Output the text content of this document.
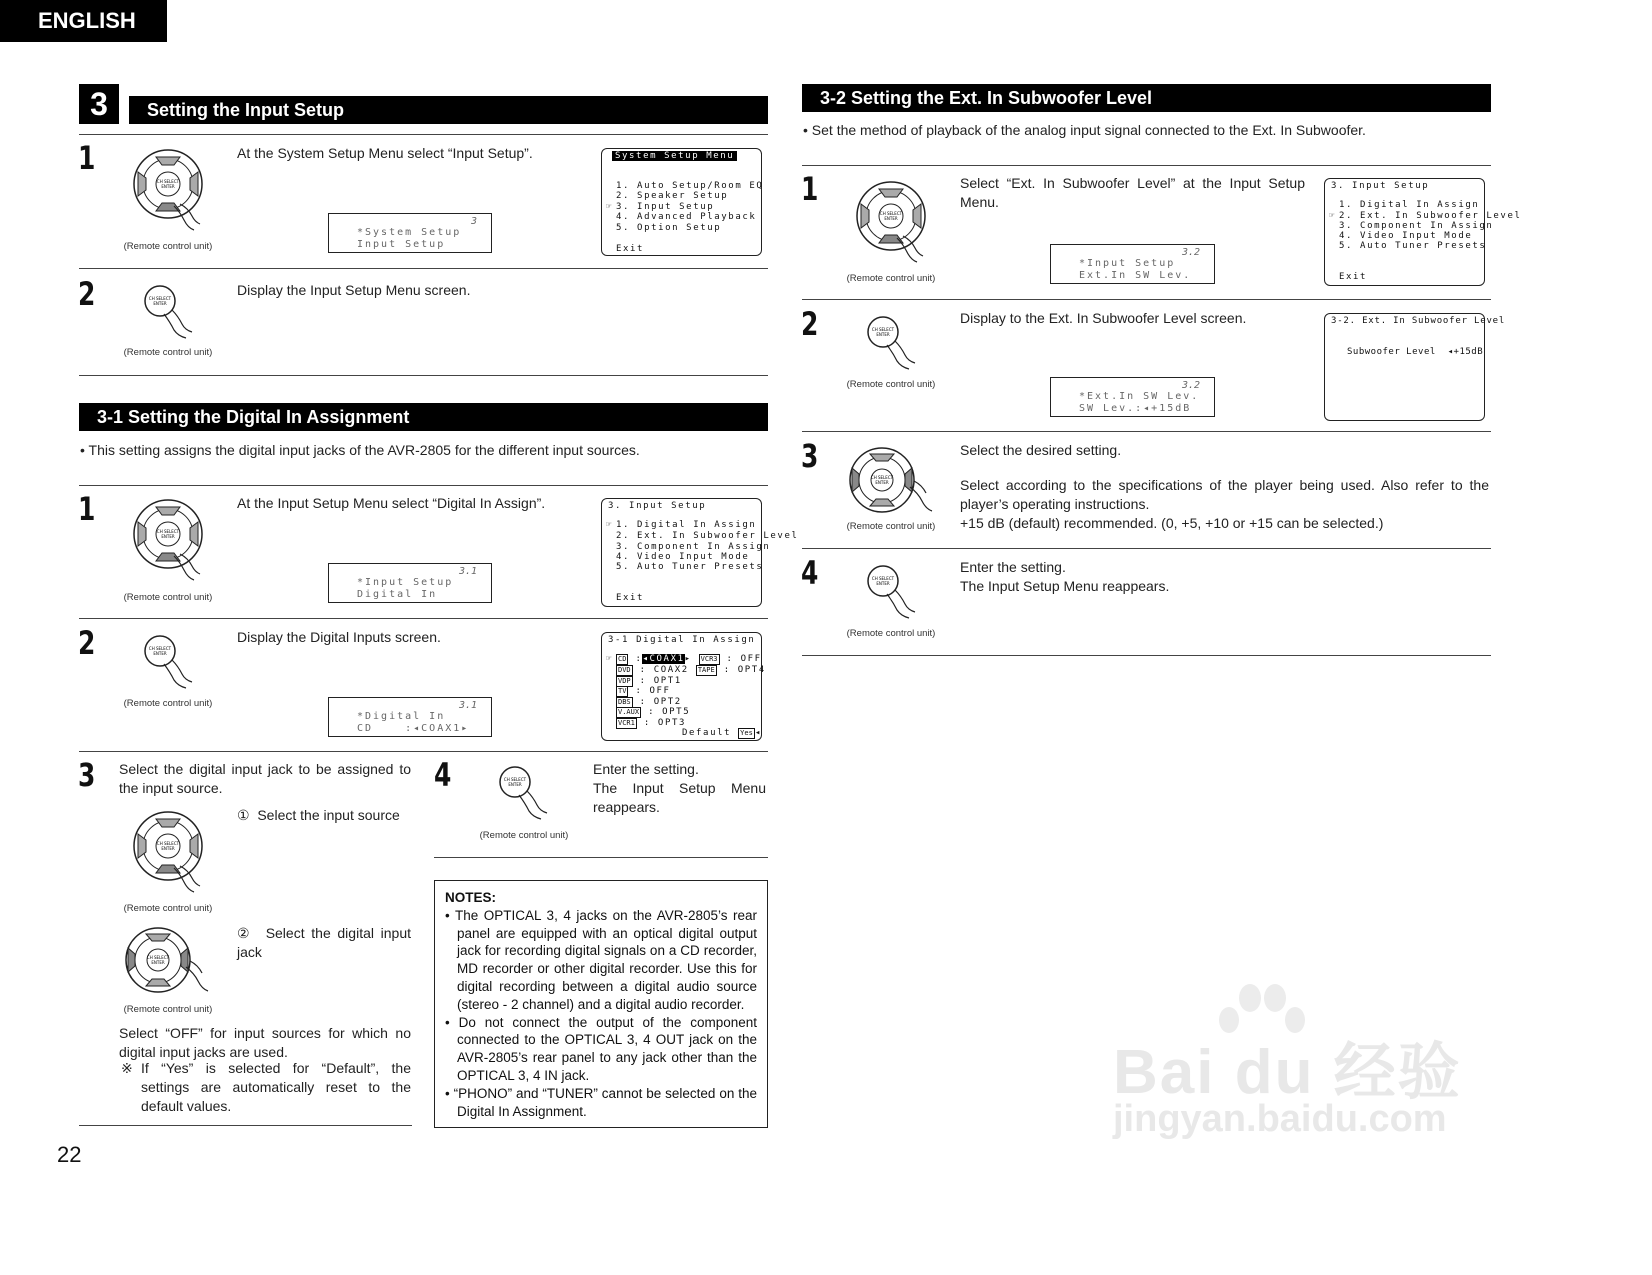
ENGLISH
3	Setting the Input Setup
1
CH SELECT
ENTER
(Remote control unit)
At the System Setup Menu select “Input Setup”.
3
*System Setup
Input Setup
System Setup Menu
1. Auto Setup/Room EQ
2. Speaker Setup
☞ 3. Input Setup
4. Advanced Playback
5. Option Setup
Exit
2	CH SELECT
ENTER
(Remote control unit)
Display the Input Setup Menu screen.
3-1 Setting the Digital In Assignment
• This setting assigns the digital input jacks of the AVR-2805 for the different input sources.
1
CH SELECT
ENTER
(Remote control unit)
At the Input Setup Menu select “Digital In Assign”.
3.1
*Input Setup
Digital In
3. Input Setup
☞ 1. Digital In Assign
2. Ext. In Subwoofer Level
3. Component In Assign
4. Video Input Mode
5. Auto Tuner Presets
Exit
2	CH SELECT
ENTER
(Remote control unit)
Display the Digital Inputs screen.
3.1
*Digital In
CD    :◂COAX1▸
3-1 Digital In Assign
☞ CD :◂COAX1▸ VCR3 : OFF
DVD : COAX2 TAPE : OPT4
VDP : OPT1
TV : OFF
DBS : OPT2
V.AUX : OPT5
VCR1 : OPT3
Default Yes ◂
3 Select the digital input jack to be assigned to the input source.
CH SELECT
ENTER
(Remote control unit)
① Select the input source
CH SELECT
ENTER
(Remote control unit)
② Select the digital input jack
Select “OFF” for input sources for which no digital input jacks are used.
※ If “Yes” is selected for “Default”, the settings are automatically reset to the default values.
4	CH SELECT
ENTER
(Remote control unit)
Enter the setting.
The Input Setup Menu reappears.
NOTES:
• The OPTICAL 3, 4 jacks on the AVR-2805’s rear panel are equipped with an optical digital output jack for recording digital signals on a CD recorder, MD recorder or other digital recorder. Use this for digital recording between a digital audio source (stereo - 2 channel) and a digital audio recorder.
• Do not connect the output of the component connected to the OPTICAL 3, 4 OUT jack on the AVR-2805’s rear panel to any jack other than the OPTICAL 3, 4 IN jack.
• “PHONO” and “TUNER” cannot be selected on the Digital In Assignment.
22
3-2 Setting the Ext. In Subwoofer Level
• Set the method of playback of the analog input signal connected to the Ext. In Subwoofer.
1
CH SELECT
ENTER
(Remote control unit)
Select “Ext. In Subwoofer Level” at the Input Setup Menu.
3.2
*Input Setup
Ext.In SW Lev.
3. Input Setup
1. Digital In Assign
☞ 2. Ext. In Subwoofer Level
3. Component In Assign
4. Video Input Mode
5. Auto Tuner Presets
Exit
2	CH SELECT
ENTER
(Remote control unit)
Display to the Ext. In Subwoofer Level screen.
3.2
*Ext.In SW Lev.
SW Lev.:◂+15dB
3-2. Ext. In Subwoofer Level
Subwoofer Level ◂+15dB
3
CH SELECT
ENTER
(Remote control unit)
Select the desired setting.
Select according to the specifications of the player being used. Also refer to the player’s operating instructions.
+15 dB (default) recommended. (0, +5, +10 or +15 can be selected.)
4	CH SELECT
ENTER
(Remote control unit)
Enter the setting.
The Input Setup Menu reappears.
Bai du 经验
jingyan.baidu.com
